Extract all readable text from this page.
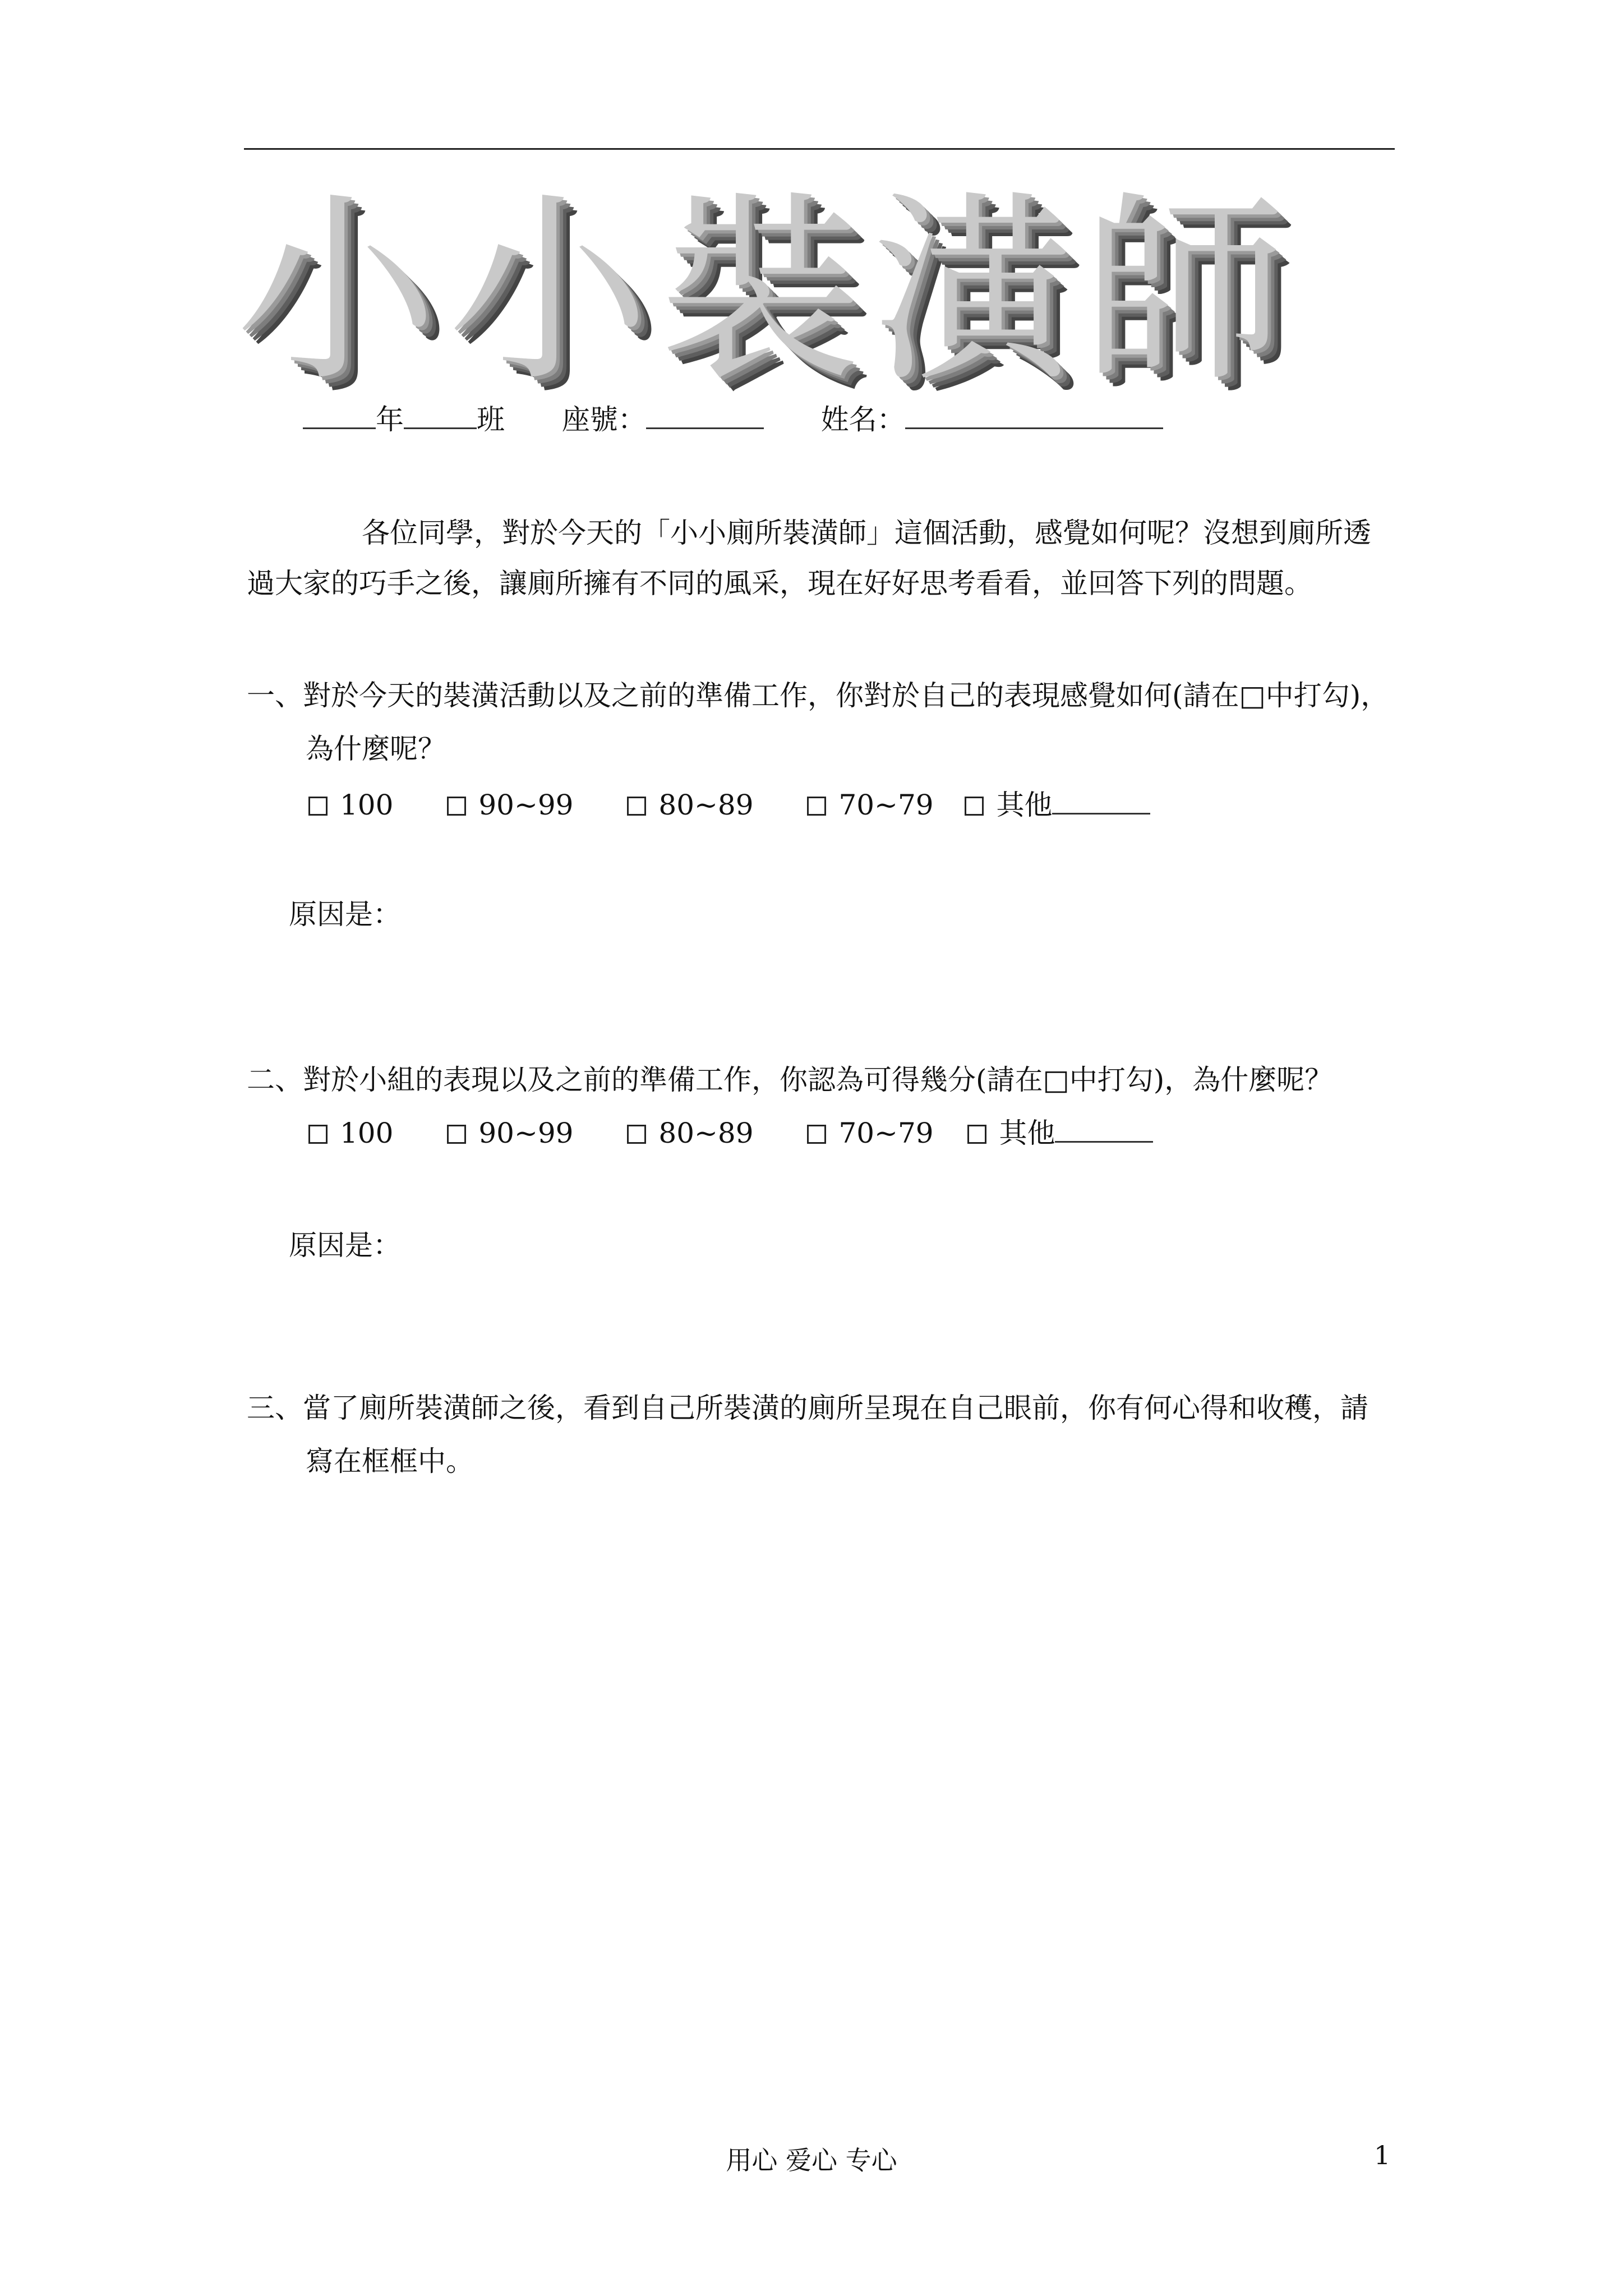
小小裝潢師
年	班 座號：	姓名：
各位同學，對於今天的「小小廁所裝潢師」這個活動，感覺如何呢？沒想到廁所透
過大家的巧手之後，讓廁所擁有不同的風采，現在好好思考看看，並回答下列的問題。
一、對於今天的裝潢活動以及之前的準備工作，你對於自己的表現感覺如何(請在□中打勾)，
為什麼呢？
100	90~99	80~89	70~79 其他
原因是：
二、對於小組的表現以及之前的準備工作，你認為可得幾分(請在□中打勾)，為什麼呢？
100	90~99	80~89	70~79 其他
原因是：
三、當了廁所裝潢師之後，看到自己所裝潢的廁所呈現在自己眼前，你有何心得和收穫，請
寫在框框中。
用心 爱心 专心	1
